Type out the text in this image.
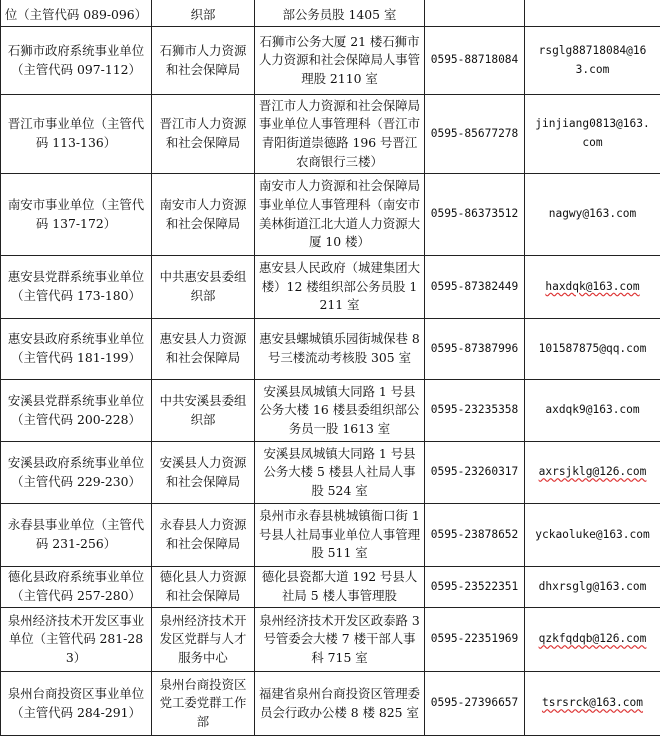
位（主管代码 089-096）	织部	部公务员股 1405 室		
石狮市政府系统事业单位（主管代码 097-112）	石狮市人力资源和社会保障局	石狮市公务大厦 21 楼石狮市人力资源和社会保障局人事管理股 2110 室	0595-88718084	rsglg88718084@163.com
晋江市事业单位（主管代码 113-136）	晋江市人力资源和社会保障局	晋江市人力资源和社会保障局事业单位人事管理科（晋江市青阳街道崇德路 196 号晋江农商银行三楼）	0595-85677278	jinjiang0813@163.com
南安市事业单位（主管代码 137-172）	南安市人力资源和社会保障局	南安市人力资源和社会保障局事业单位人事管理科（南安市美林街道江北大道人力资源大厦 10 楼）	0595-86373512	nagwy@163.com
惠安县党群系统事业单位（主管代码 173-180）	中共惠安县委组织部	惠安县人民政府（城建集团大楼）12 楼组织部公务员股 1211 室	0595-87382449	haxdqk@163.com
惠安县政府系统事业单位（主管代码 181-199）	惠安县人力资源和社会保障局	惠安县螺城镇乐园街城保巷 8 号三楼流动考核股 305 室	0595-87387996	101587875@qq.com
安溪县党群系统事业单位（主管代码 200-228）	中共安溪县委组织部	安溪县凤城镇大同路 1 号县公务大楼 16 楼县委组织部公务员一股 1613 室	0595-23235358	axdqk9@163.com
安溪县政府系统事业单位（主管代码 229-230）	安溪县人力资源和社会保障局	安溪县凤城镇大同路 1 号县公务大楼 5 楼县人社局人事股 524 室	0595-23260317	axrsjklg@126.com
永春县事业单位（主管代码 231-256）	永春县人力资源和社会保障局	泉州市永春县桃城镇衙口街 1 号县人社局事业单位人事管理股 511 室	0595-23878652	yckaoluke@163.com
德化县政府系统事业单位（主管代码 257-280）	德化县人力资源和社会保障局	德化县瓷都大道 192 号县人社局 5 楼人事管理股	0595-23522351	dhxrsglg@163.com
泉州经济技术开发区事业单位（主管代码 281-283）	泉州经济技术开发区党群与人才服务中心	泉州经济技术开发区政泰路 3 号管委会大楼 7 楼干部人事科 715 室	0595-22351969	qzkfqdqb@126.com
泉州台商投资区事业单位（主管代码 284-291）	泉州台商投资区党工委党群工作部	福建省泉州台商投资区管理委员会行政办公楼 8 楼 825 室	0595-27396657	tsrsrck@163.com
